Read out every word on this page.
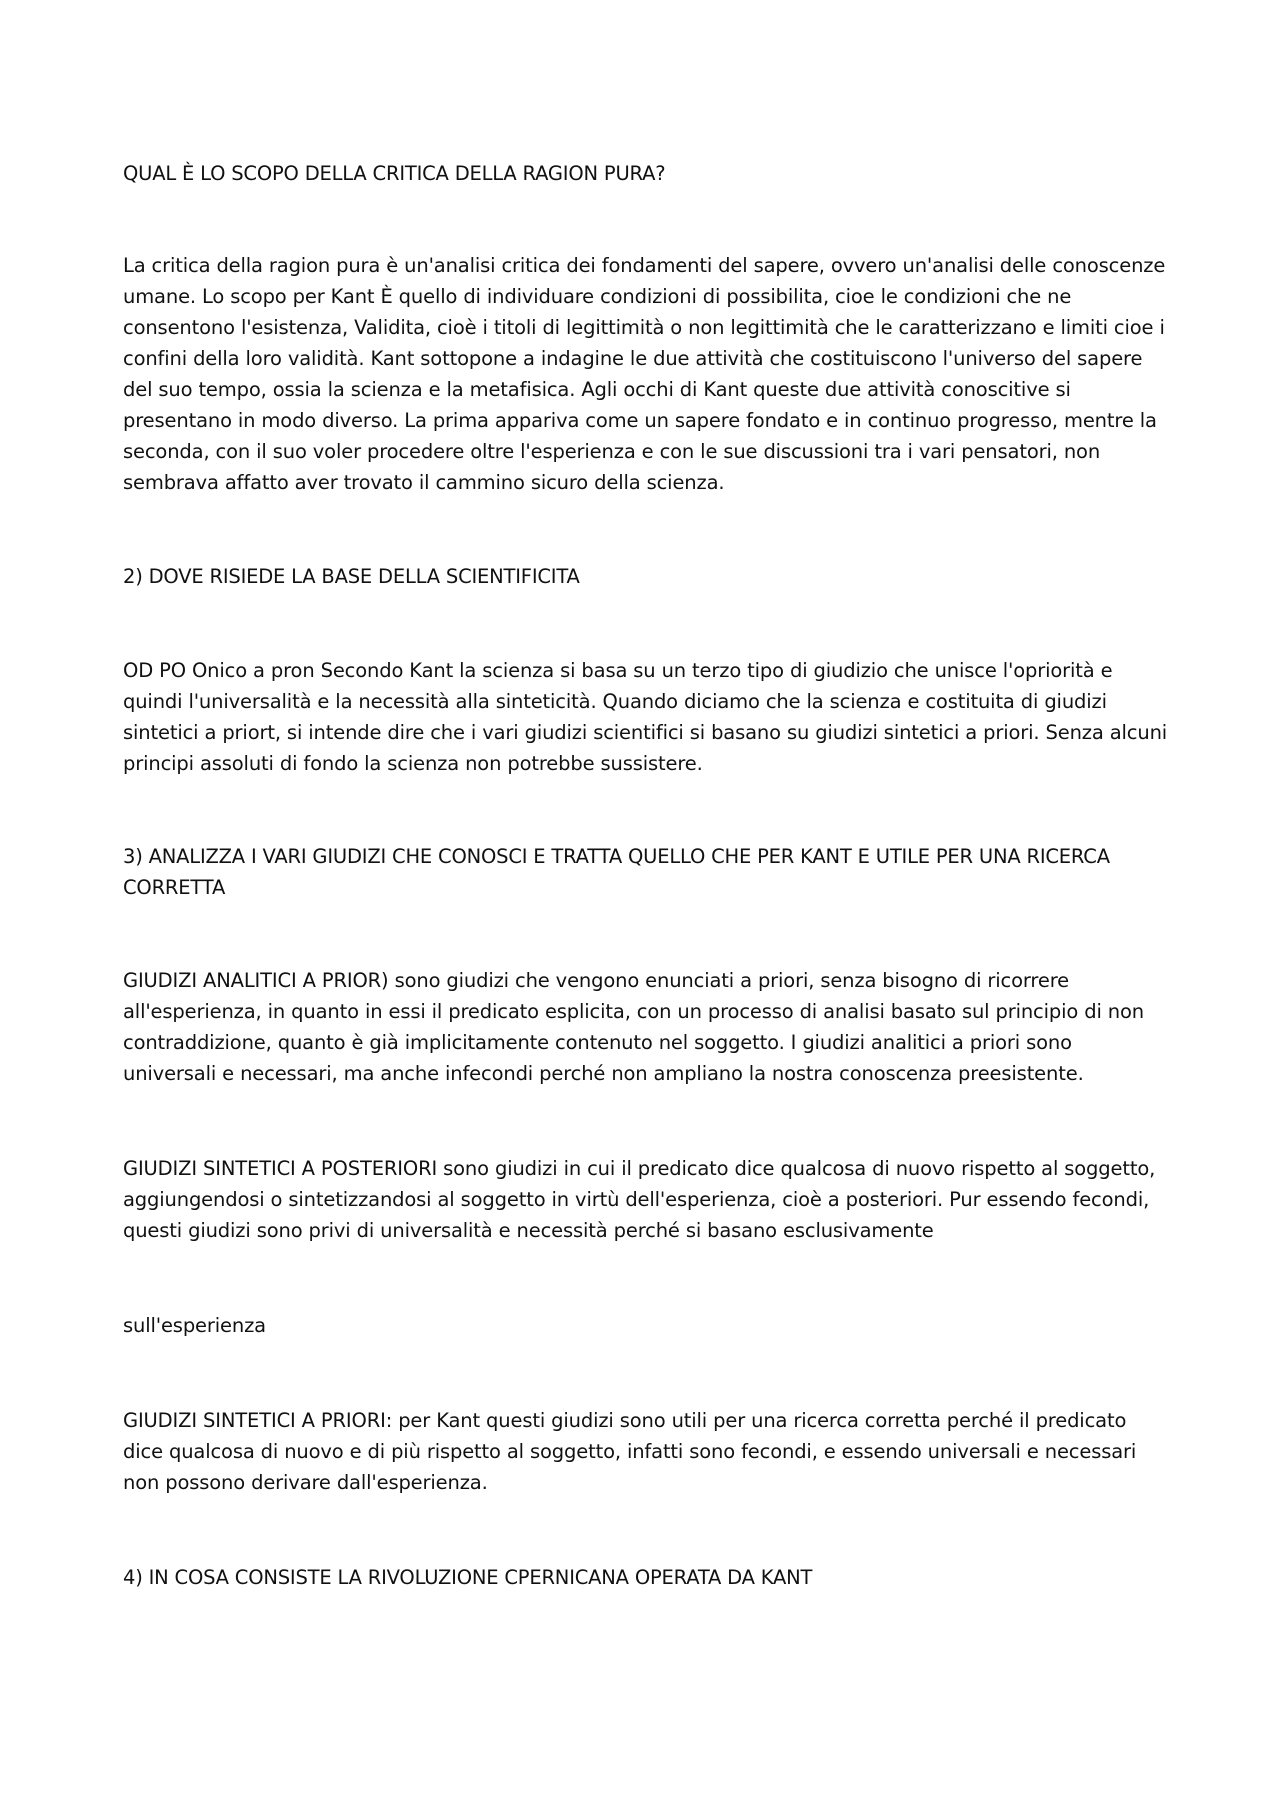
QUAL È LO SCOPO DELLA CRITICA DELLA RAGION PURA?

La critica della ragion pura è un'analisi critica dei fondamenti del sapere, ovvero un'analisi delle conoscenze umane. Lo scopo per Kant È quello di individuare condizioni di possibilita, cioe le condizioni che ne consentono l'esistenza, Validita, cioè i titoli di legittimità o non legittimità che le caratterizzano e limiti cioe i confini della loro validità. Kant sottopone a indagine le due attività che costituiscono l'universo del sapere del suo tempo, ossia la scienza e la metafisica. Agli occhi di Kant queste due attività conoscitive si presentano in modo diverso. La prima appariva come un sapere fondato e in continuo progresso, mentre la seconda, con il suo voler procedere oltre l'esperienza e con le sue discussioni tra i vari pensatori, non sembrava affatto aver trovato il cammino sicuro della scienza.

2) DOVE RISIEDE LA BASE DELLA SCIENTIFICITA

OD PO Onico a pron Secondo Kant la scienza si basa su un terzo tipo di giudizio che unisce l'opriorità e quindi l'universalità e la necessità alla sinteticità. Quando diciamo che la scienza e costituita di giudizi sintetici a priort, si intende dire che i vari giudizi scientifici si basano su giudizi sintetici a priori. Senza alcuni principi assoluti di fondo la scienza non potrebbe sussistere.

3) ANALIZZA I VARI GIUDIZI CHE CONOSCI E TRATTA QUELLO CHE PER KANT E UTILE PER UNA RICERCA CORRETTA

GIUDIZI ANALITICI A PRIOR) sono giudizi che vengono enunciati a priori, senza bisogno di ricorrere all'esperienza, in quanto in essi il predicato esplicita, con un processo di analisi basato sul principio di non contraddizione, quanto è già implicitamente contenuto nel soggetto. I giudizi analitici a priori sono universali e necessari, ma anche infecondi perché non ampliano la nostra conoscenza preesistente.

GIUDIZI SINTETICI A POSTERIORI sono giudizi in cui il predicato dice qualcosa di nuovo rispetto al soggetto, aggiungendosi o sintetizzandosi al soggetto in virtù dell'esperienza, cioè a posteriori. Pur essendo fecondi, questi giudizi sono privi di universalità e necessità perché si basano esclusivamente

sull'esperienza

GIUDIZI SINTETICI A PRIORI: per Kant questi giudizi sono utili per una ricerca corretta perché il predicato dice qualcosa di nuovo e di più rispetto al soggetto, infatti sono fecondi, e essendo universali e necessari non possono derivare dall'esperienza.

4) IN COSA CONSISTE LA RIVOLUZIONE CPERNICANA OPERATA DA KANT
